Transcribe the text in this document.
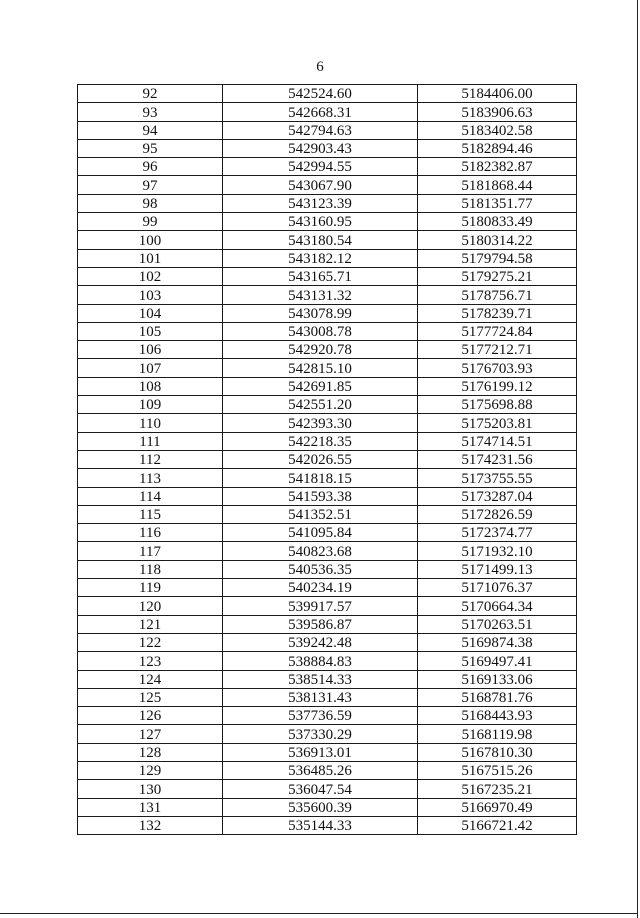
6
92	542524.60	5184406.00
93	542668.31	5183906.63
94	542794.63	5183402.58
95	542903.43	5182894.46
96	542994.55	5182382.87
97	543067.90	5181868.44
98	543123.39	5181351.77
99	543160.95	5180833.49
100	543180.54	5180314.22
101	543182.12	5179794.58
102	543165.71	5179275.21
103	543131.32	5178756.71
104	543078.99	5178239.71
105	543008.78	5177724.84
106	542920.78	5177212.71
107	542815.10	5176703.93
108	542691.85	5176199.12
109	542551.20	5175698.88
110	542393.30	5175203.81
111	542218.35	5174714.51
112	542026.55	5174231.56
113	541818.15	5173755.55
114	541593.38	5173287.04
115	541352.51	5172826.59
116	541095.84	5172374.77
117	540823.68	5171932.10
118	540536.35	5171499.13
119	540234.19	5171076.37
120	539917.57	5170664.34
121	539586.87	5170263.51
122	539242.48	5169874.38
123	538884.83	5169497.41
124	538514.33	5169133.06
125	538131.43	5168781.76
126	537736.59	5168443.93
127	537330.29	5168119.98
128	536913.01	5167810.30
129	536485.26	5167515.26
130	536047.54	5167235.21
131	535600.39	5166970.49
132	535144.33	5166721.42
